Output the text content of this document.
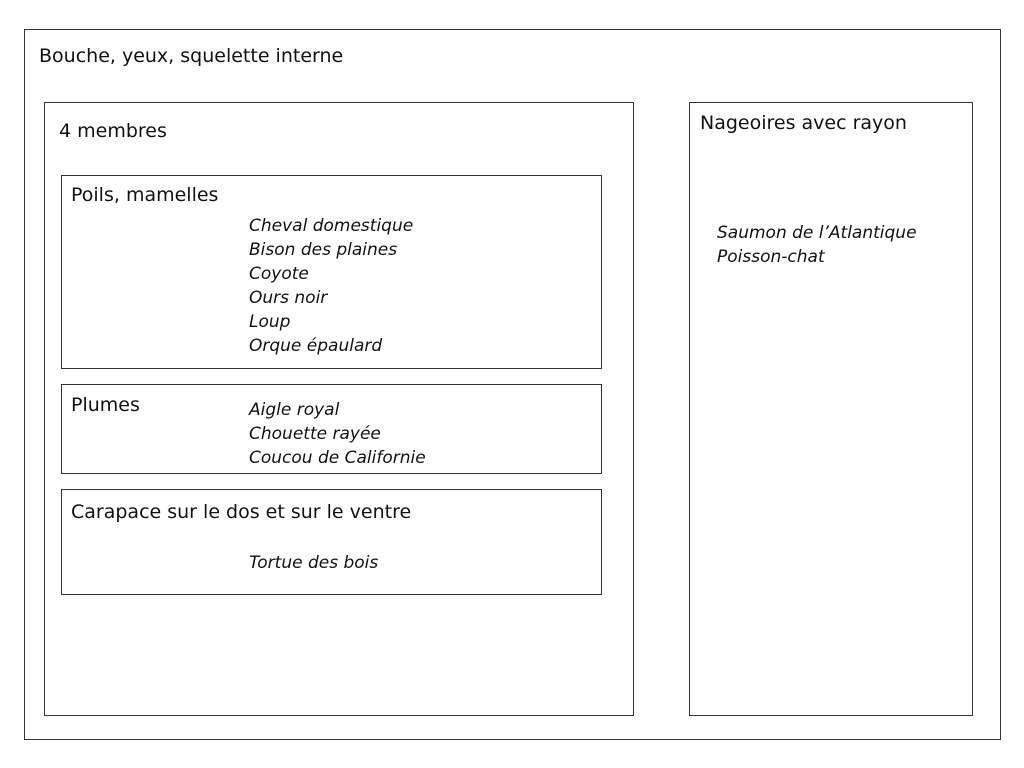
Bouche, yeux, squelette interne
4 membres
Poils, mamelles
Cheval domestique
Bison des plaines
Coyote
Ours noir
Loup
Orque épaulard
Plumes	Aigle royal
Chouette rayée
Coucou de Californie
Carapace sur le dos et sur le ventre
Tortue des bois
Nageoires avec rayon
Saumon de l’Atlantique
Poisson-chat
